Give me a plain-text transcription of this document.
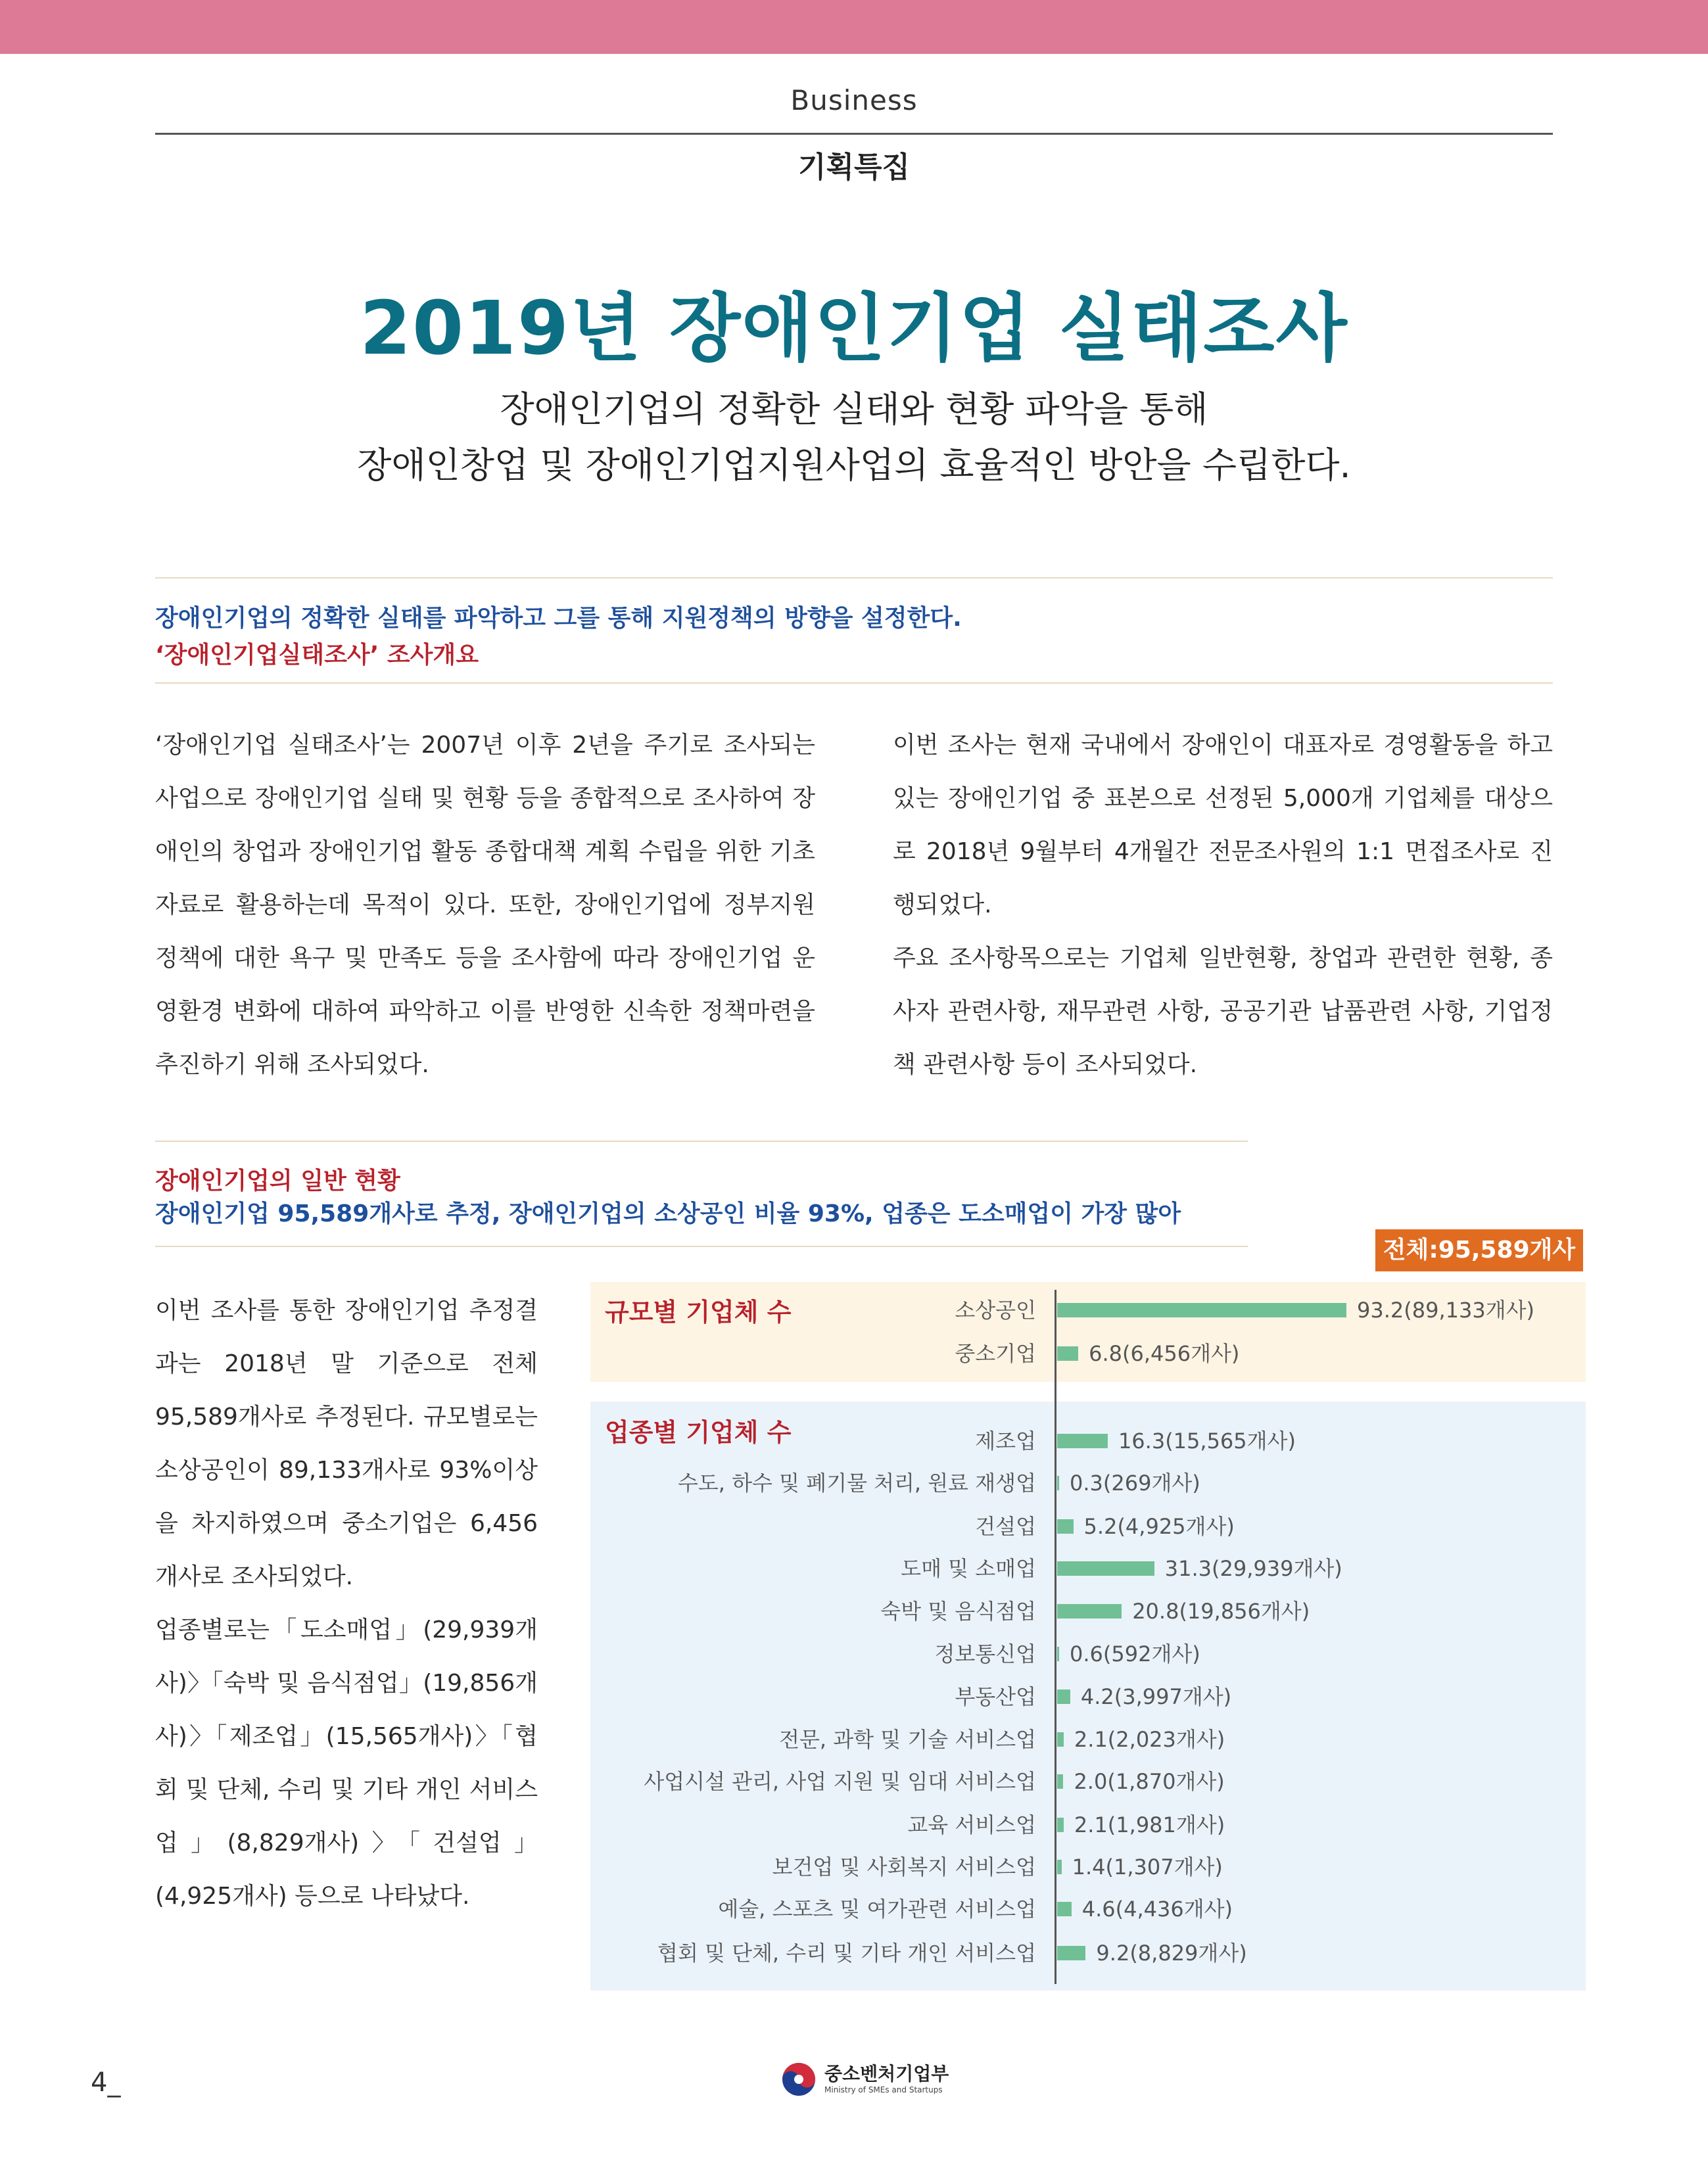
Business
기획특집
2019년 장애인기업 실태조사
장애인기업의 정확한 실태와 현황 파악을 통해
장애인창업 및 장애인기업지원사업의 효율적인 방안을 수립한다.
장애인기업의 정확한 실태를 파악하고 그를 통해 지원정책의 방향을 설정한다.
‘장애인기업실태조사’ 조사개요

‘장애인기업 실태조사’는 2007년 이후 2년을 주기로 조사되는 사업으로 장애인기업 실태 및 현황 등을 종합적으로 조사하여 장애인의 창업과 장애인기업 활동 종합대책 계획 수립을 위한 기초자료로 활용하는데 목적이 있다. 또한, 장애인기업에 정부지원 정책에 대한 욕구 및 만족도 등을 조사함에 따라 장애인기업 운영환경 변화에 대하여 파악하고 이를 반영한 신속한 정책마련을 추진하기 위해 조사되었다.

이번 조사는 현재 국내에서 장애인이 대표자로 경영활동을 하고 있는 장애인기업 중 표본으로 선정된 5,000개 기업체를 대상으로 2018년 9월부터 4개월간 전문조사원의 1:1 면접조사로 진행되었다.

주요 조사항목으로는 기업체 일반현황, 창업과 관련한 현황, 종사자 관련사항, 재무관련 사항, 공공기관 납품관련 사항, 기업정책 관련사항 등이 조사되었다.

장애인기업의 일반 현황
장애인기업 95,589개사로 추정, 장애인기업의 소상공인 비율 93%, 업종은 도소매업이 가장 많아

이번 조사를 통한 장애인기업 추정결과는 2018년 말 기준으로 전체 95,589개사로 추정된다. 규모별로는 소상공인이 89,133개사로 93%이상을 차지하였으며 중소기업은 6,456개사로 조사되었다.

업종별로는「도소매업」(29,939개사)〉「숙박 및 음식점업」(19,856개사)〉「제조업」(15,565개사)〉「협회 및 단체, 수리 및 기타 개인 서비스업」(8,829개사)〉「건설업」(4,925개사) 등으로 나타났다.

전체:95,589개사
규모별 기업체 수
업종별 기업체 수
소상공인	93.2(89,133개사)
중소기업	6.8(6,456개사)
제조업	16.3(15,565개사)
수도, 하수 및 폐기물 처리, 원료 재생업 0.3(269개사)
건설업 5.2(4,925개사)
도매 및 소매업	31.3(29,939개사)
숙박 및 음식점업	20.8(19,856개사)
정보통신업 0.6(592개사)
부동산업 4.2(3,997개사)
전문, 과학 및 기술 서비스업 2.1(2,023개사)
사업시설 관리, 사업 지원 및 임대 서비스업 2.0(1,870개사)
교육 서비스업 2.1(1,981개사)
보건업 및 사회복지 서비스업 1.4(1,307개사)
예술, 스포츠 및 여가관련 서비스업 4.6(4,436개사)
협회 및 단체, 수리 및 기타 개인 서비스업	9.2(8,829개사)
4_	중소벤처기업부
Ministry of SMEs and Startups
